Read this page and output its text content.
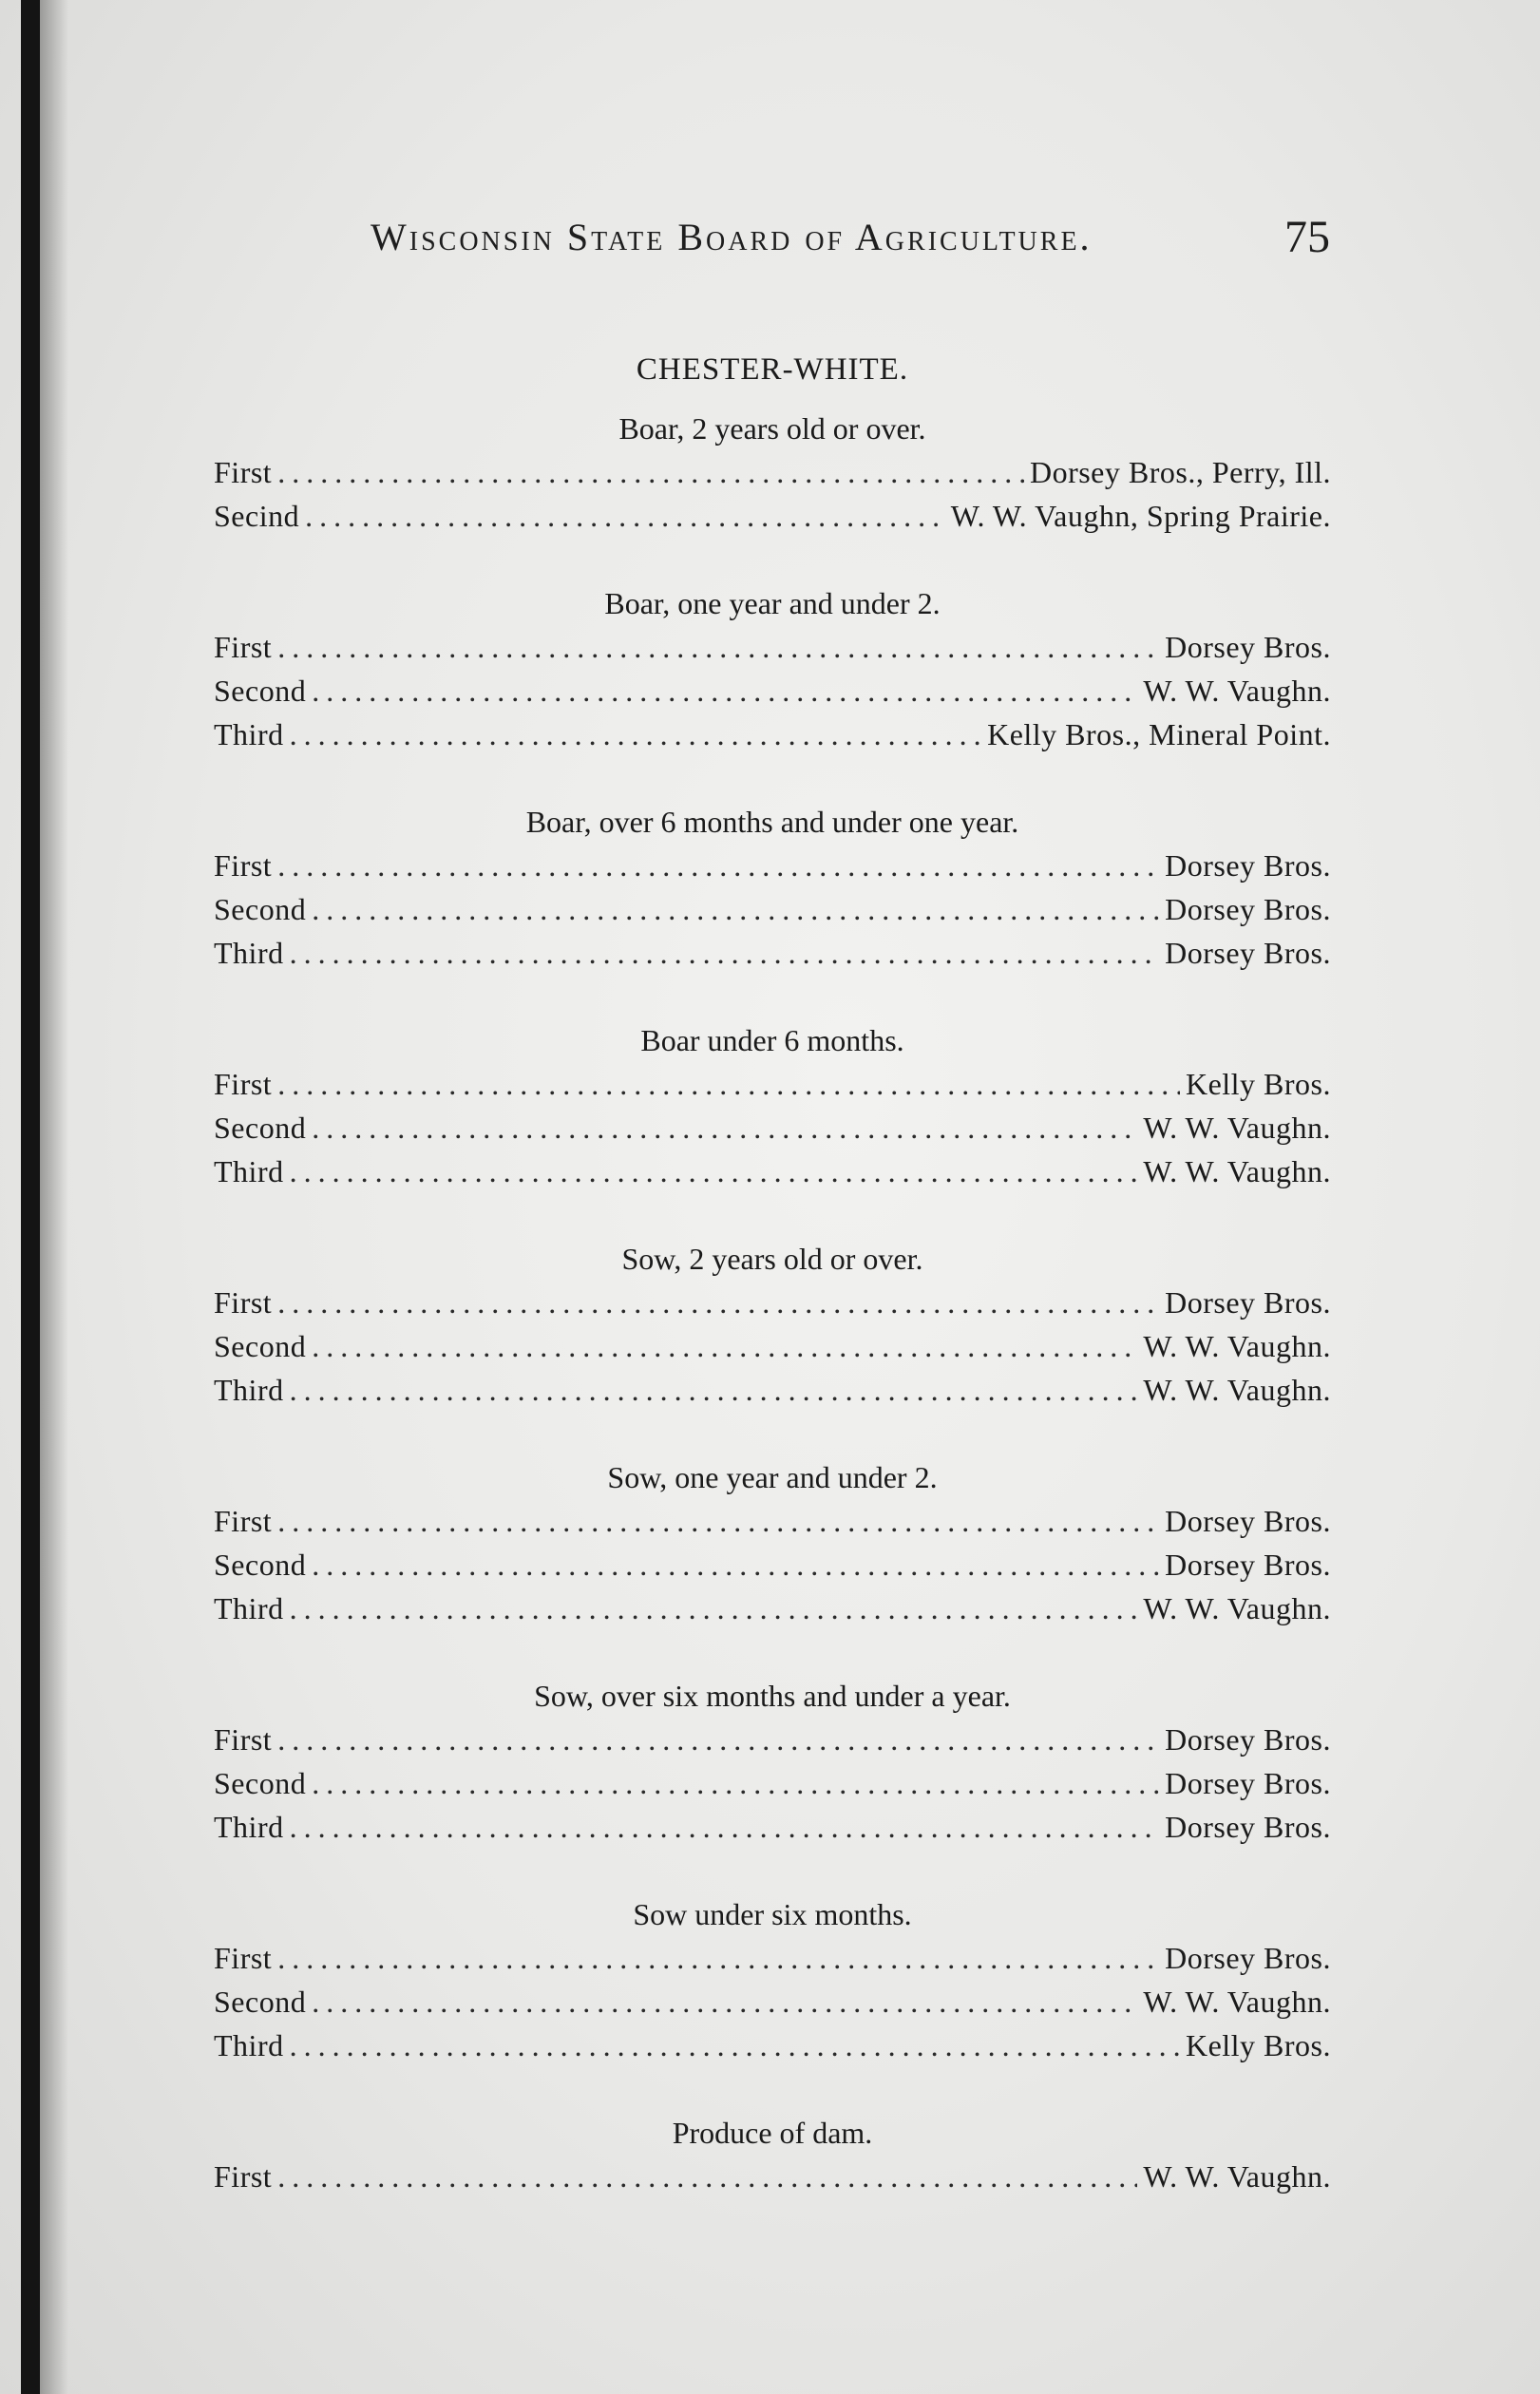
Wisconsin State Board of Agriculture.	75
CHESTER-WHITE.
Boar, 2 years old or over.
First .....	Dorsey Bros., Perry, Ill.
Secind .....	W. W. Vaughn, Spring Prairie.
Boar, one year and under 2.
First .....	Dorsey Bros.
Second .....	W. W. Vaughn.
Third .....	Kelly Bros., Mineral Point.
Boar, over 6 months and under one year.
First .....	Dorsey Bros.
Second .....	Dorsey Bros.
Third .....	Dorsey Bros.
Boar under 6 months.
First .....	Kelly Bros.
Second .....	W. W. Vaughn.
Third .....	W. W. Vaughn.
Sow, 2 years old or over.
First .....	Dorsey Bros.
Second .....	W. W. Vaughn.
Third .....	W. W. Vaughn.
Sow, one year and under 2.
First .....	Dorsey Bros.
Second .....	Dorsey Bros.
Third .....	W. W. Vaughn.
Sow, over six months and under a year.
First .....	Dorsey Bros.
Second .....	Dorsey Bros.
Third .....	Dorsey Bros.
Sow under six months.
First .....	Dorsey Bros.
Second .....	W. W. Vaughn.
Third .....	Kelly Bros.
Produce of dam.
First .....	W. W. Vaughn.
